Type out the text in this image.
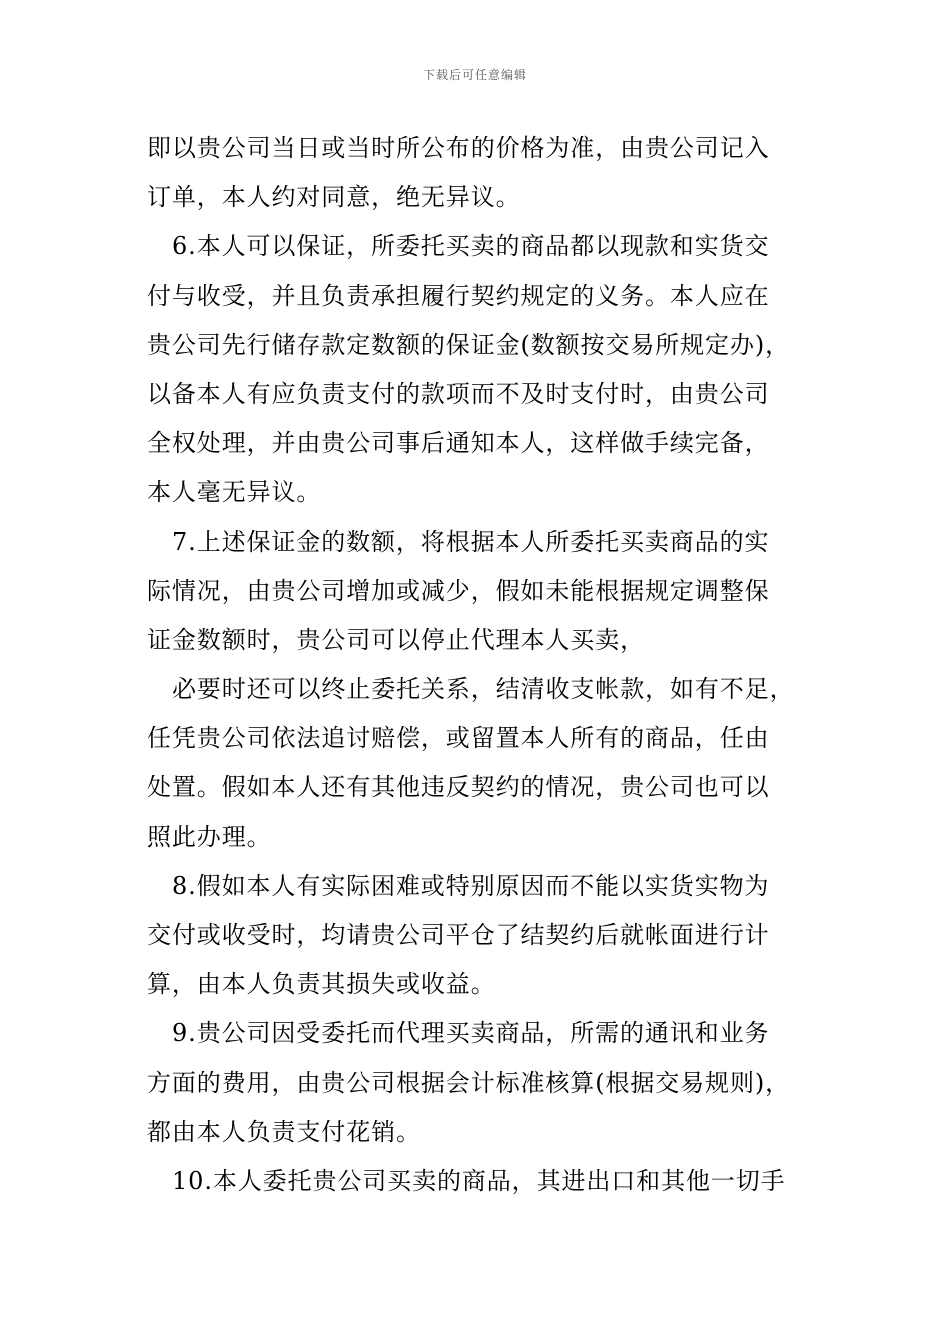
下载后可任意编辑
即以贵公司当日或当时所公布的价格为准，由贵公司记入
订单，本人约对同意，绝无异议。
6.本人可以保证，所委托买卖的商品都以现款和实货交
付与收受，并且负责承担履行契约规定的义务。本人应在
贵公司先行储存款定数额的保证金(数额按交易所规定办)，
以备本人有应负责支付的款项而不及时支付时，由贵公司
全权处理，并由贵公司事后通知本人，这样做手续完备，
本人毫无异议。
7.上述保证金的数额，将根据本人所委托买卖商品的实
际情况，由贵公司增加或减少，假如未能根据规定调整保
证金数额时，贵公司可以停止代理本人买卖，
必要时还可以终止委托关系，结清收支帐款，如有不足，
任凭贵公司依法追讨赔偿，或留置本人所有的商品，任由
处置。假如本人还有其他违反契约的情况，贵公司也可以
照此办理。
8.假如本人有实际困难或特别原因而不能以实货实物为
交付或收受时，均请贵公司平仓了结契约后就帐面进行计
算，由本人负责其损失或收益。
9.贵公司因受委托而代理买卖商品，所需的通讯和业务
方面的费用，由贵公司根据会计标准核算(根据交易规则)，
都由本人负责支付花销。
10.本人委托贵公司买卖的商品，其进出口和其他一切手
